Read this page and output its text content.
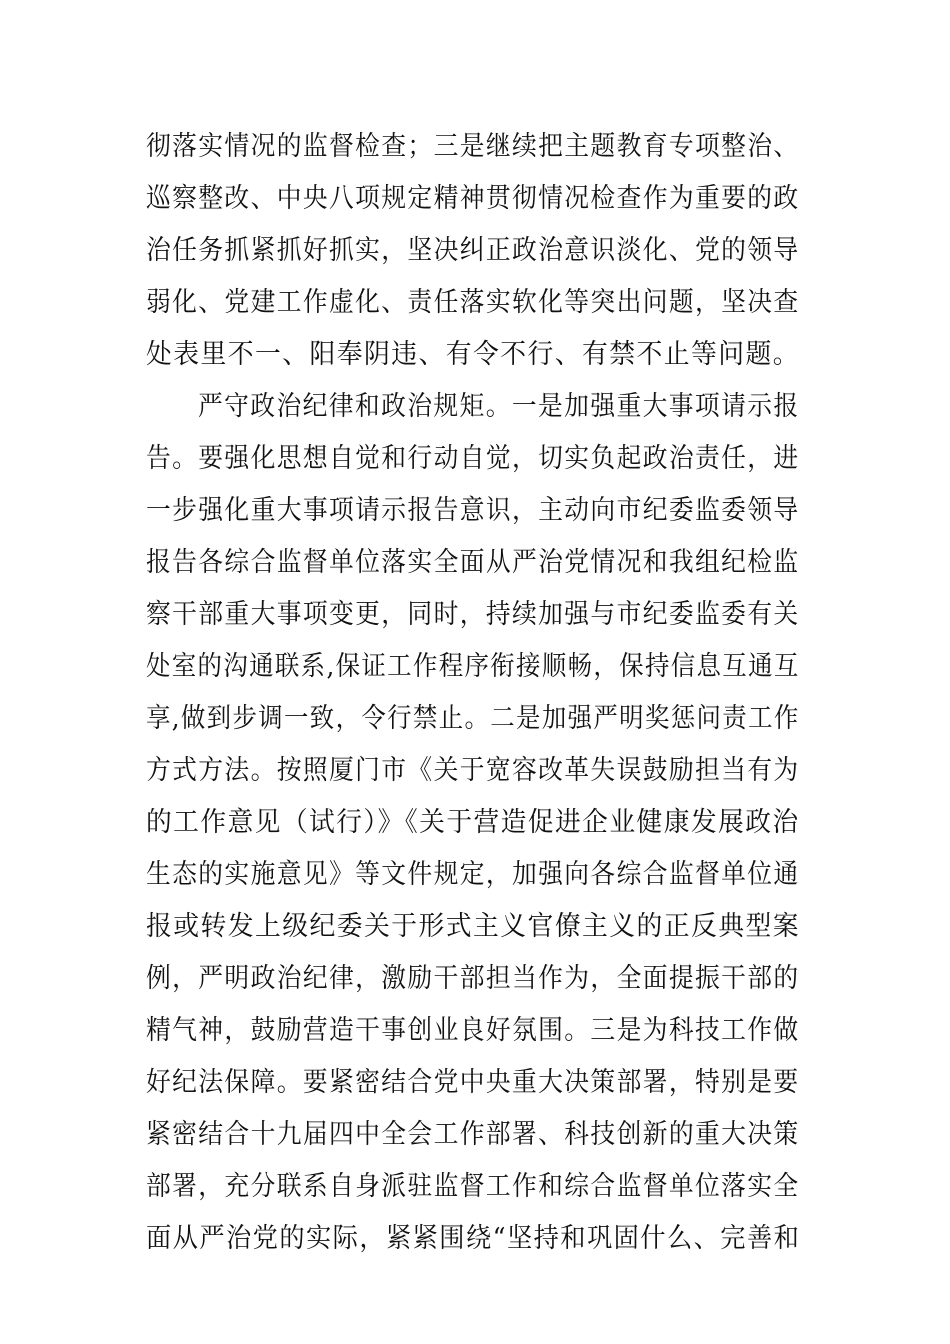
彻落实情况的监督检查；三是继续把主题教育专项整治、
巡察整改、中央八项规定精神贯彻情况检查作为重要的政
治任务抓紧抓好抓实，坚决纠正政治意识淡化、党的领导
弱化、党建工作虚化、责任落实软化等突出问题，坚决查
处表里不一、阳奉阴违、有令不行、有禁不止等问题。
严守政治纪律和政治规矩。一是加强重大事项请示报
告。要强化思想自觉和行动自觉，切实负起政治责任，进
一步强化重大事项请示报告意识，主动向市纪委监委领导
报告各综合监督单位落实全面从严治党情况和我组纪检监
察干部重大事项变更，同时，持续加强与市纪委监委有关
处室的沟通联系,保证工作程序衔接顺畅，保持信息互通互
享,做到步调一致，令行禁止。二是加强严明奖惩问责工作
方式方法。按照厦门市《关于宽容改革失误鼓励担当有为
的工作意见（试行）》《关于营造促进企业健康发展政治
生态的实施意见》等文件规定，加强向各综合监督单位通
报或转发上级纪委关于形式主义官僚主义的正反典型案
例，严明政治纪律，激励干部担当作为，全面提振干部的
精气神，鼓励营造干事创业良好氛围。三是为科技工作做
好纪法保障。要紧密结合党中央重大决策部署，特别是要
紧密结合十九届四中全会工作部署、科技创新的重大决策
部署，充分联系自身派驻监督工作和综合监督单位落实全
面从严治党的实际，紧紧围绕“坚持和巩固什么、完善和
